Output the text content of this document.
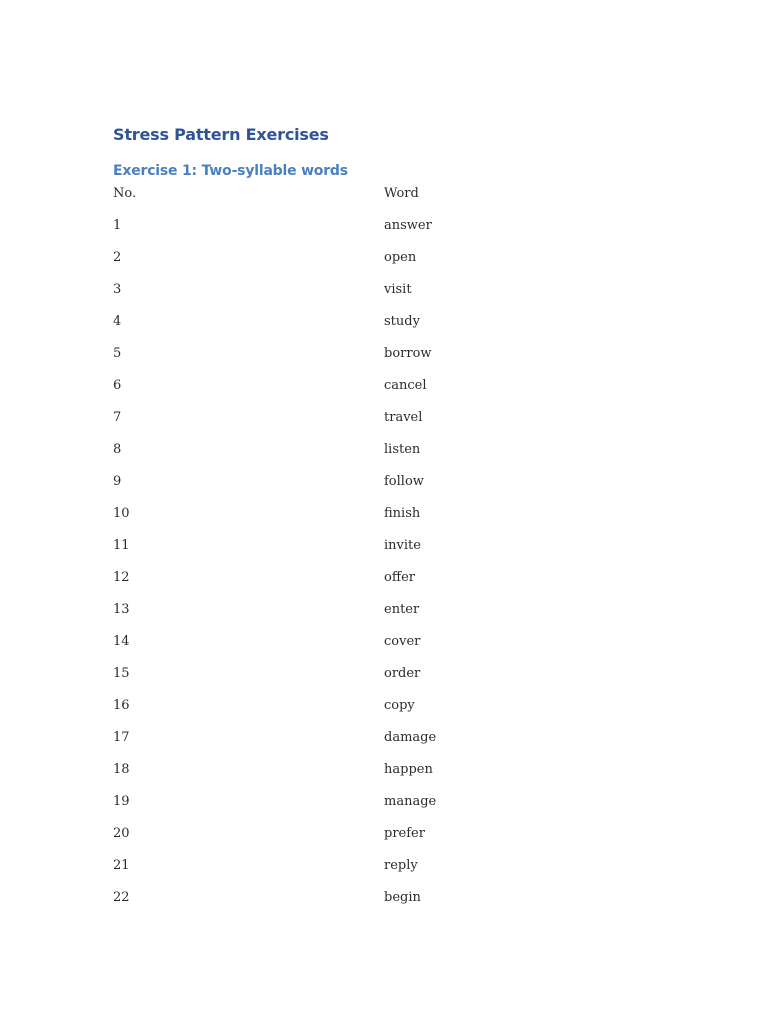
Stress Pattern Exercises
Exercise 1: Two-syllable words
No.	Word
1	answer
2	open
3	visit
4	study
5	borrow
6	cancel
7	travel
8	listen
9	follow
10	finish
11	invite
12	offer
13	enter
14	cover
15	order
16	copy
17	damage
18	happen
19	manage
20	prefer
21	reply
22	begin
